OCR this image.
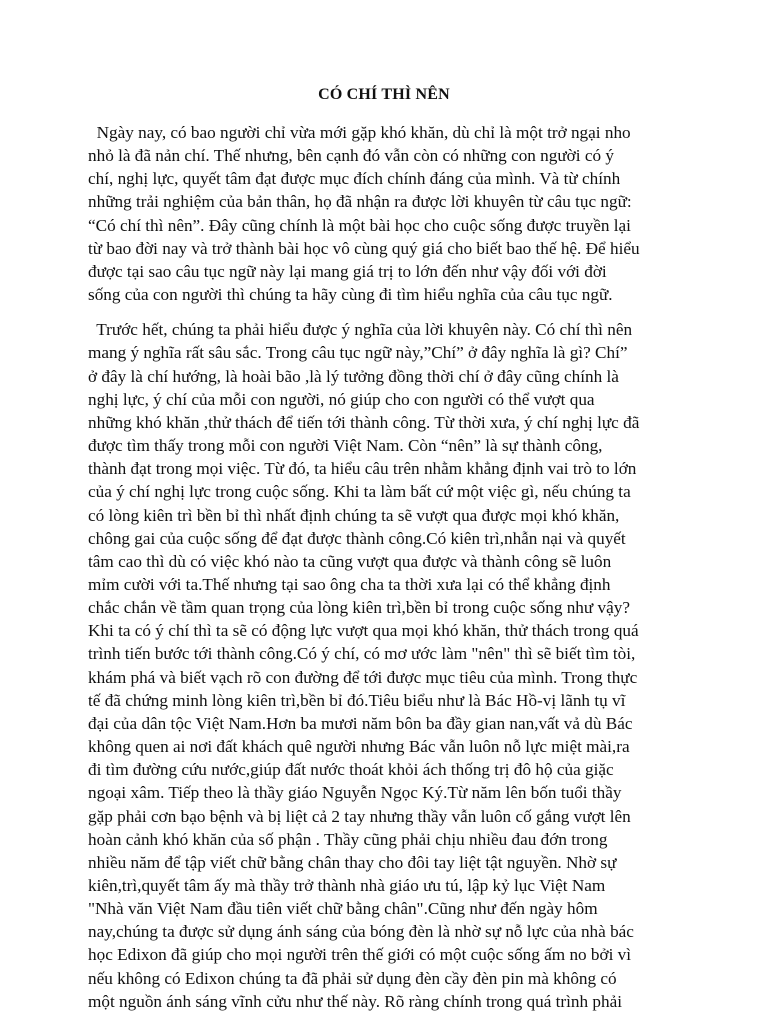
CÓ CHÍ THÌ NÊN

Ngày nay, có bao người chỉ vừa mới gặp khó khăn, dù chỉ là một trở ngại nho
nhỏ là đã nản chí. Thế nhưng, bên cạnh đó vẫn còn có những con người có ý
chí, nghị lực, quyết tâm đạt được mục đích chính đáng của mình. Và từ chính
những trải nghiệm của bản thân, họ đã nhận ra được lời khuyên từ câu tục ngữ:
“Có chí thì nên”. Đây cũng chính là một bài học cho cuộc sống được truyền lại
từ bao đời nay và trở thành bài học vô cùng quý giá cho biết bao thế hệ. Để hiểu
được tại sao câu tục ngữ này lại mang giá trị to lớn đến như vậy đối với đời
sống của con người thì chúng ta hãy cùng đi tìm hiểu nghĩa của câu tục ngữ.

Trước hết, chúng ta phải hiểu được ý nghĩa của lời khuyên này. Có chí thì nên
mang ý nghĩa rất sâu sắc. Trong câu tục ngữ này,”Chí” ở đây nghĩa là gì? Chí”
ở đây là chí hướng, là hoài bão ,là lý tưởng đồng thời chí ở đây cũng chính là
nghị lực, ý chí của mỗi con người, nó giúp cho con người có thể vượt qua
những khó khăn ,thử thách để tiến tới thành công. Từ thời xưa, ý chí nghị lực đã
được tìm thấy trong mỗi con người Việt Nam. Còn “nên” là sự thành công,
thành đạt trong mọi việc. Từ đó, ta hiểu câu trên nhằm khẳng định vai trò to lớn
của ý chí nghị lực trong cuộc sống. Khi ta làm bất cứ một việc gì, nếu chúng ta
có lòng kiên trì bền bỉ thì nhất định chúng ta sẽ vượt qua được mọi khó khăn,
chông gai của cuộc sống để đạt được thành công.Có kiên trì,nhẫn nại và quyết
tâm cao thì dù có việc khó nào ta cũng vượt qua được và thành công sẽ luôn
mỉm cười với ta.Thế nhưng tại sao ông cha ta thời xưa lại có thể khẳng định
chắc chắn về tầm quan trọng của lòng kiên trì,bền bỉ trong cuộc sống như vậy?
Khi ta có ý chí thì ta sẽ có động lực vượt qua mọi khó khăn, thử thách trong quá
trình tiến bước tới thành công.Có ý chí, có mơ ước làm "nên" thì sẽ biết tìm tòi,
khám phá và biết vạch rõ con đường để tới được mục tiêu của mình. Trong thực
tế đã chứng minh lòng kiên trì,bền bỉ đó.Tiêu biểu như là Bác Hồ-vị lãnh tụ vĩ
đại của dân tộc Việt Nam.Hơn ba mươi năm bôn ba đầy gian nan,vất vả dù Bác
không quen ai nơi đất khách quê người nhưng Bác vẫn luôn nỗ lực miệt mài,ra
đi tìm đường cứu nước,giúp đất nước thoát khỏi ách thống trị đô hộ của giặc
ngoại xâm. Tiếp theo là thầy giáo Nguyễn Ngọc Ký.Từ năm lên bốn tuổi thầy
gặp phải cơn bạo bệnh và bị liệt cả 2 tay nhưng thầy vẫn luôn cố gắng vượt lên
hoàn cảnh khó khăn của số phận . Thầy cũng phải chịu nhiều đau đớn trong
nhiều năm để tập viết chữ bằng chân thay cho đôi tay liệt tật nguyền. Nhờ sự
kiên,trì,quyết tâm ấy mà thầy trở thành nhà giáo ưu tú, lập kỷ lục Việt Nam
"Nhà văn Việt Nam đầu tiên viết chữ bằng chân".Cũng như đến ngày hôm
nay,chúng ta được sử dụng ánh sáng của bóng đèn là nhờ sự nỗ lực của nhà bác
học Edixon đã giúp cho mọi người trên thế giới có một cuộc sống ấm no bởi vì
nếu không có Edixon chúng ta đã phải sử dụng đèn cầy đèn pin mà không có
một nguồn ánh sáng vĩnh cửu như thế này. Rõ ràng chính trong quá trình phải
